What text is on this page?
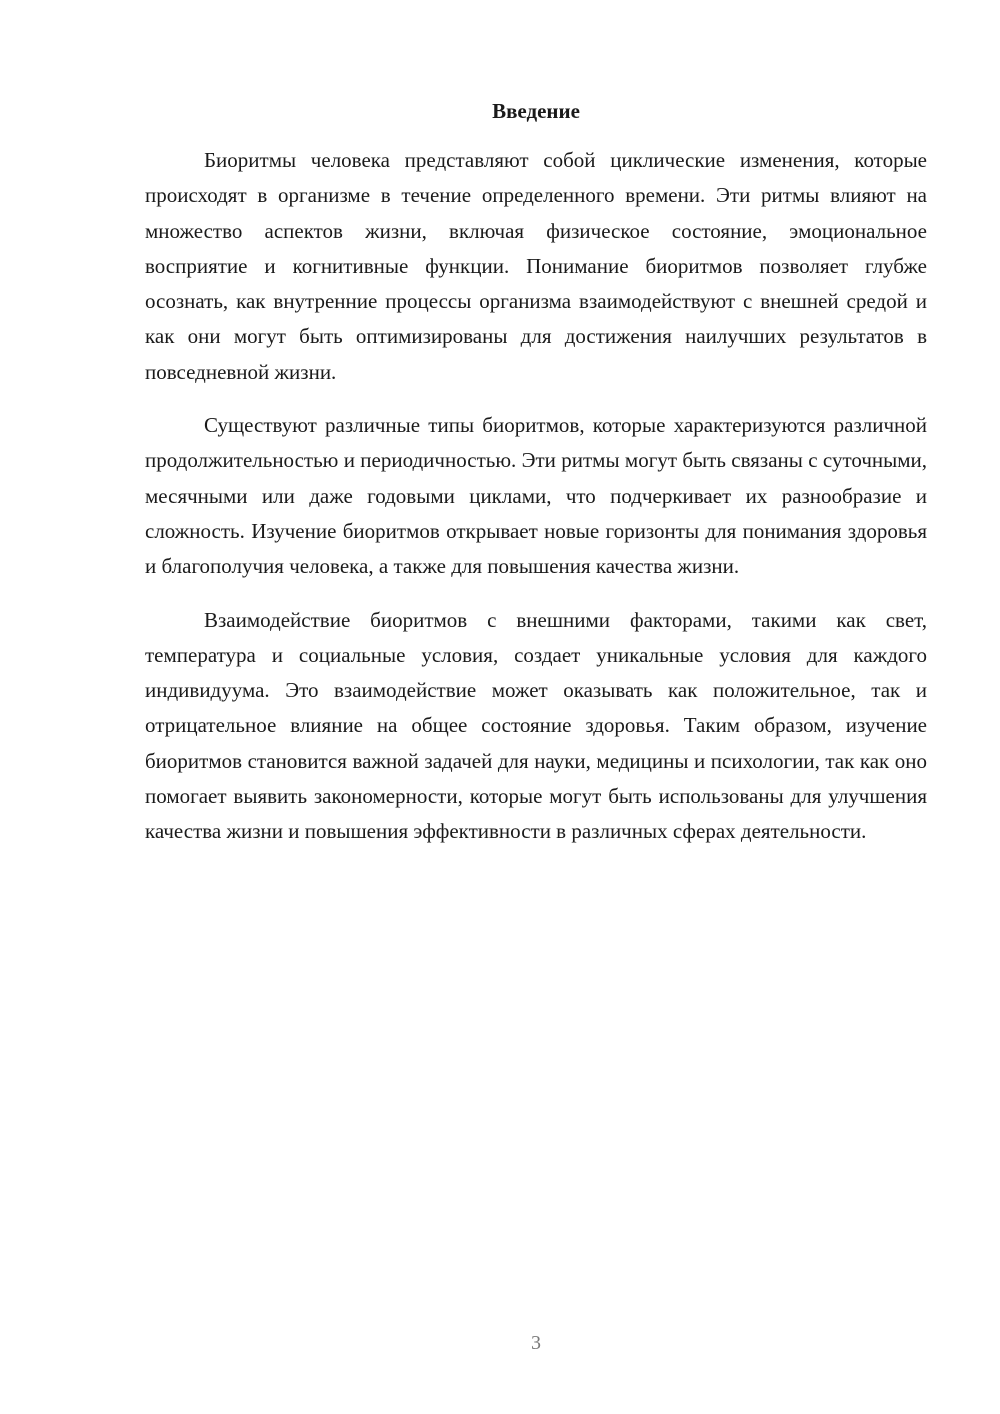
Введение

Биоритмы человека представляют собой циклические изменения, которые происходят в организме в течение определенного времени. Эти ритмы влияют на множество аспектов жизни, включая физическое состояние, эмоциональное восприятие и когнитивные функции. Понимание биоритмов позволяет глубже осознать, как внутренние процессы организма взаимодействуют с внешней средой и как они могут быть оптимизированы для достижения наилучших результатов в повседневной жизни.

Существуют различные типы биоритмов, которые характеризуются различной продолжительностью и периодичностью. Эти ритмы могут быть связаны с суточными, месячными или даже годовыми циклами, что подчеркивает их разнообразие и сложность. Изучение биоритмов открывает новые горизонты для понимания здоровья и благополучия человека, а также для повышения качества жизни.

Взаимодействие биоритмов с внешними факторами, такими как свет, температура и социальные условия, создает уникальные условия для каждого индивидуума. Это взаимодействие может оказывать как положительное, так и отрицательное влияние на общее состояние здоровья. Таким образом, изучение биоритмов становится важной задачей для науки, медицины и психологии, так как оно помогает выявить закономерности, которые могут быть использованы для улучшения качества жизни и повышения эффективности в различных сферах деятельности.

3
